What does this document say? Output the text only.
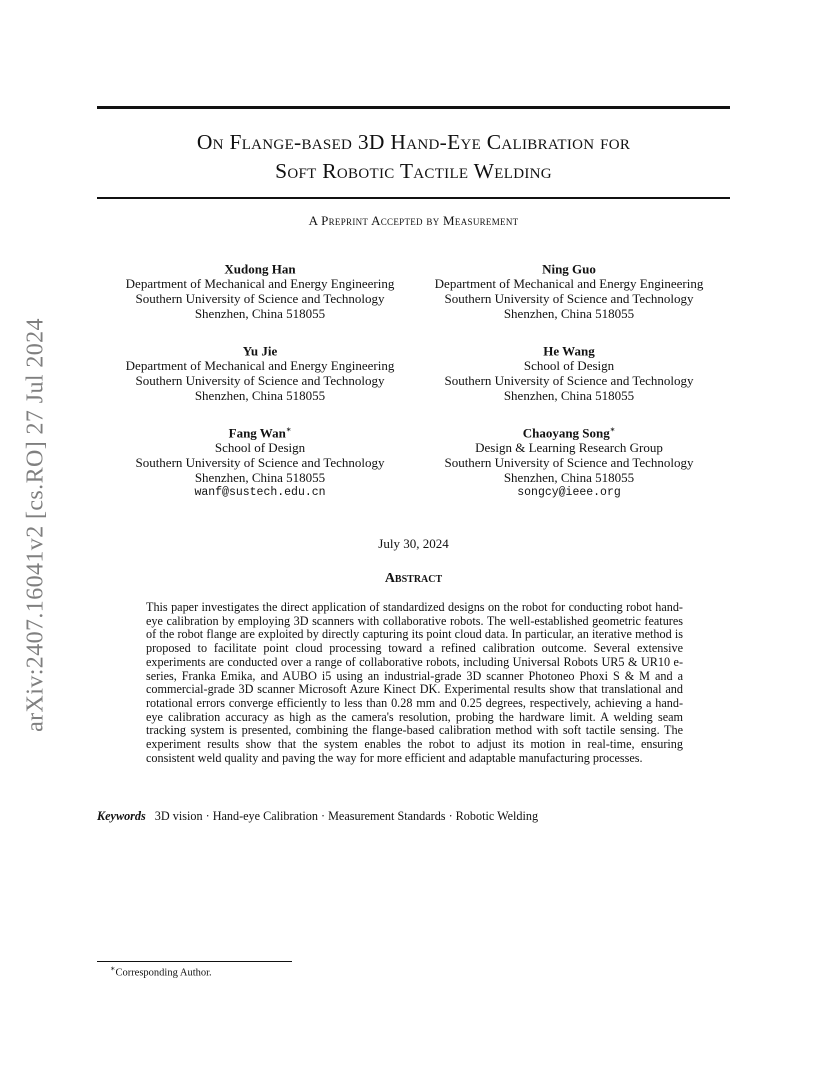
arXiv:2407.16041v2 [cs.RO] 27 Jul 2024
On Flange-based 3D Hand-Eye Calibration for
Soft Robotic Tactile Welding
A Preprint Accepted by Measurement
Xudong Han
Department of Mechanical and Energy Engineering
Southern University of Science and Technology
Shenzhen, China 518055
Ning Guo
Department of Mechanical and Energy Engineering
Southern University of Science and Technology
Shenzhen, China 518055
Yu Jie
Department of Mechanical and Energy Engineering
Southern University of Science and Technology
Shenzhen, China 518055
He Wang
School of Design
Southern University of Science and Technology
Shenzhen, China 518055
Fang Wan∗
School of Design
Southern University of Science and Technology
Shenzhen, China 518055
wanf@sustech.edu.cn
Chaoyang Song∗
Design & Learning Research Group
Southern University of Science and Technology
Shenzhen, China 518055
songcy@ieee.org
July 30, 2024
Abstract
This paper investigates the direct application of standardized designs on the robot for conducting robot hand-eye calibration by employing 3D scanners with collaborative robots. The well-established geometric features of the robot flange are exploited by directly capturing its point cloud data. In particular, an iterative method is proposed to facilitate point cloud processing toward a refined calibration outcome. Several extensive experiments are conducted over a range of collaborative robots, including Universal Robots UR5 & UR10 e-series, Franka Emika, and AUBO i5 using an industrial-grade 3D scanner Photoneo Phoxi S & M and a commercial-grade 3D scanner Microsoft Azure Kinect DK. Experimental results show that translational and rotational errors converge efficiently to less than 0.28 mm and 0.25 degrees, respectively, achieving a hand-eye calibration accuracy as high as the camera's resolution, probing the hardware limit. A welding seam tracking system is presented, combining the flange-based calibration method with soft tactile sensing. The experiment results show that the system enables the robot to adjust its motion in real-time, ensuring consistent weld quality and paving the way for more efficient and adaptable manufacturing processes.
Keywords 3D vision · Hand-eye Calibration · Measurement Standards · Robotic Welding
∗Corresponding Author.
